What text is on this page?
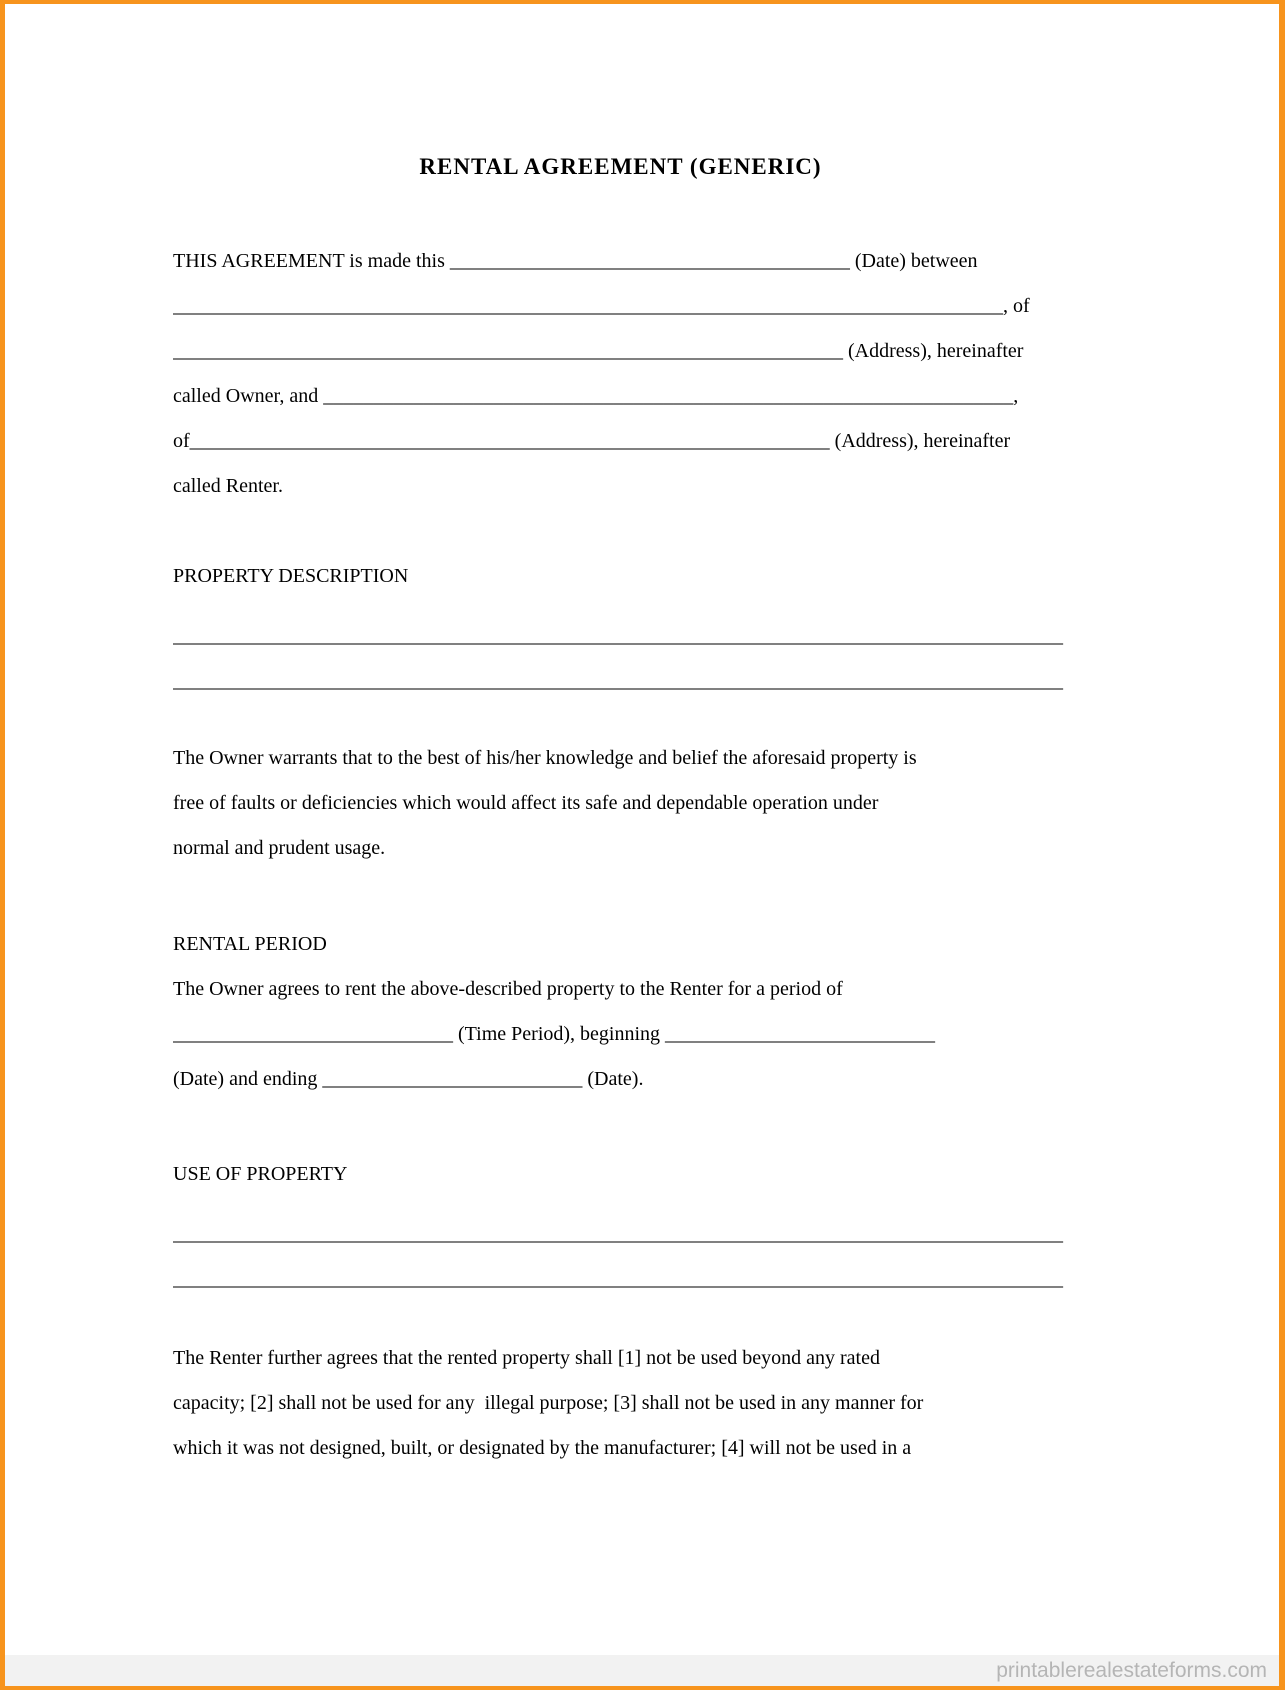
RENTAL AGREEMENT (GENERIC)
THIS AGREEMENT is made this ________________________________________ (Date) between
___________________________________________________________________________________, of
___________________________________________________________________ (Address), hereinafter
called Owner, and _____________________________________________________________________,
of________________________________________________________________ (Address), hereinafter
called Renter.
PROPERTY DESCRIPTION
_________________________________________________________________________________________
_________________________________________________________________________________________
The Owner warrants that to the best of his/her knowledge and belief the aforesaid property is
free of faults or deficiencies which would affect its safe and dependable operation under
normal and prudent usage.
RENTAL PERIOD
The Owner agrees to rent the above-described property to the Renter for a period of
____________________________ (Time Period), beginning ___________________________
(Date) and ending __________________________ (Date).
USE OF PROPERTY
_________________________________________________________________________________________
_________________________________________________________________________________________
The Renter further agrees that the rented property shall [1] not be used beyond any rated
capacity; [2] shall not be used for any  illegal purpose; [3] shall not be used in any manner for
which it was not designed, built, or designated by the manufacturer; [4] will not be used in a
printablerealestateforms.com
